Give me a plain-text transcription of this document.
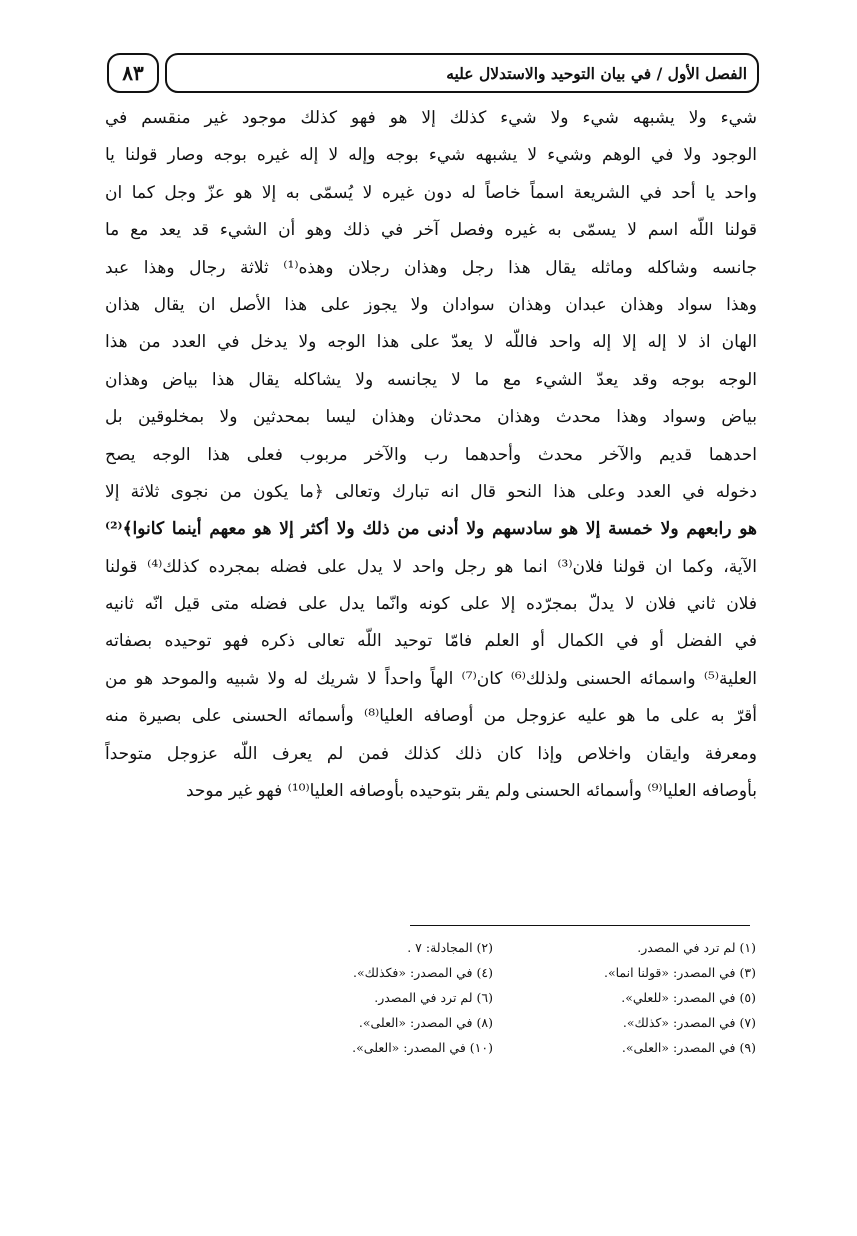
٨٣	الفصل الأول / في بيان التوحيد والاستدلال عليه
شيء ولا يشبهه شيء ولا شيء كذلك إلا هو فهو كذلك موجود غير منقسم في
الوجود ولا في الوهم وشيء لا يشبهه شيء بوجه وإله لا إله غيره بوجه وصار قولنا يا
واحد يا أحد في الشريعة اسماً خاصاً له دون غيره لا يُسمّى به إلا هو عزّ وجل كما ان
قولنا اللّه اسم لا يسمّى به غيره وفصل آخر في ذلك وهو أن الشيء قد يعد مع ما
جانسه وشاكله وماثله يقال هذا رجل وهذان رجلان وهذه⁽¹⁾ ثلاثة رجال وهذا عبد
وهذا سواد وهذان عبدان وهذان سوادان ولا يجوز على هذا الأصل ان يقال هذان
الهان اذ لا إله إلا إله واحد فاللّه لا يعدّ على هذا الوجه ولا يدخل في العدد من هذا
الوجه بوجه وقد يعدّ الشيء مع ما لا يجانسه ولا يشاكله يقال هذا بياض وهذان
بياض وسواد وهذا محدث وهذان محدثان وهذان ليسا بمحدثين ولا بمخلوقين بل
احدهما قديم والآخر محدث وأحدهما رب والآخر مربوب فعلى هذا الوجه يصح
دخوله في العدد وعلى هذا النحو قال انه تبارك وتعالى ﴿ما يكون من نجوى ثلاثة إلا
هو رابعهم ولا خمسة إلا هو سادسهم ولا أدنى من ذلك ولا أكثر إلا هو معهم أينما كانوا﴾⁽²⁾
الآية، وكما ان قولنا فلان⁽³⁾ انما هو رجل واحد لا يدل على فضله بمجرده كذلك⁽⁴⁾ قولنا
فلان ثاني فلان لا يدلّ بمجرّده إلا على كونه وانّما يدل على فضله متى قيل انّه ثانيه
في الفضل أو في الكمال أو العلم فامّا توحيد اللّه تعالى ذكره فهو توحيده بصفاته
العلية⁽⁵⁾ واسمائه الحسنى ولذلك⁽⁶⁾ كان⁽⁷⁾ الهاً واحداً لا شريك له ولا شبيه والموحد هو من
أقرّ به على ما هو عليه عزوجل من أوصافه العليا⁽⁸⁾ وأسمائه الحسنى على بصيرة منه
ومعرفة وايقان واخلاص وإذا كان ذلك كذلك فمن لم يعرف اللّه عزوجل متوحداً
بأوصافه العليا⁽⁹⁾ وأسمائه الحسنى ولم يقر بتوحيده بأوصافه العليا⁽¹⁰⁾ فهو غير موحد
(١) لم ترد في المصدر.
(٢) المجادلة: ٧ .
(٣) في المصدر: «قولنا انما».
(٤) في المصدر: «فكذلك».
(٥) في المصدر: «للعلي».
(٦) لم ترد في المصدر.
(٧) في المصدر: «كذلك».
(٨) في المصدر: «العلى».
(٩) في المصدر: «العلى».
(١٠) في المصدر: «العلى».
